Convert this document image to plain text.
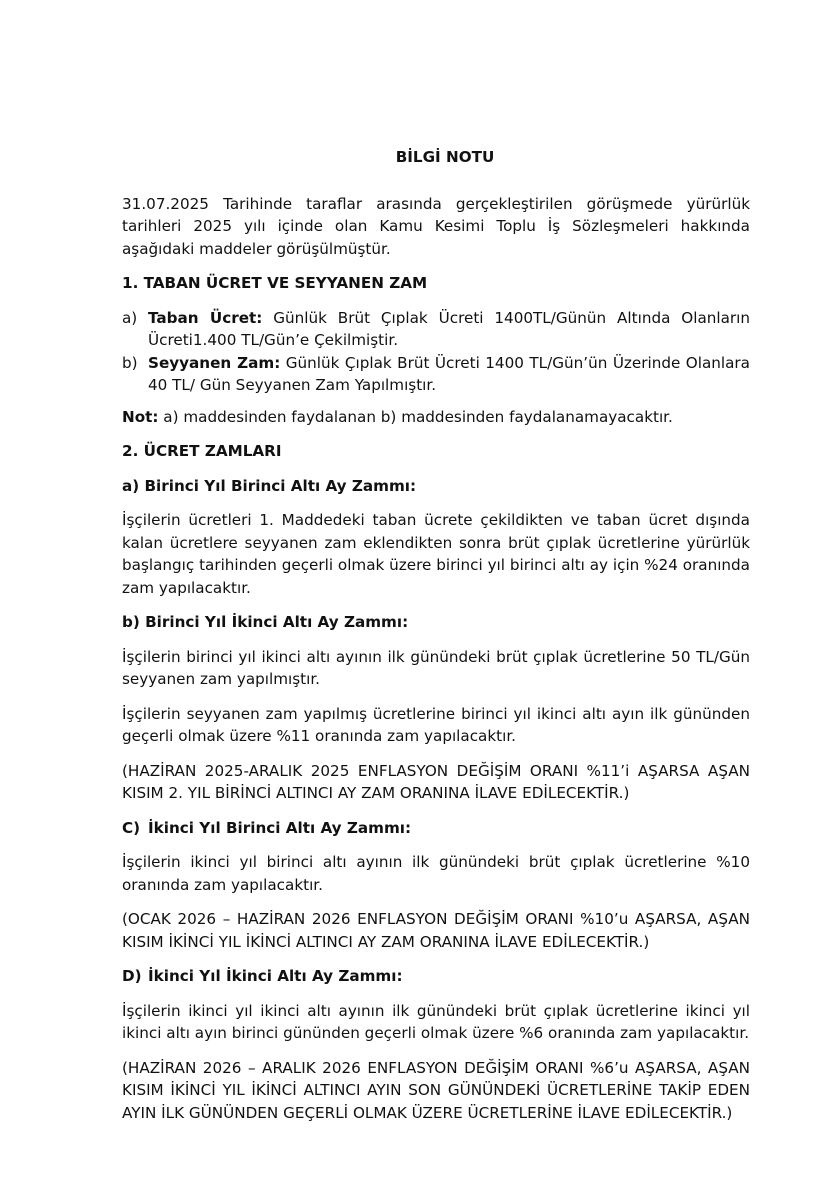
BİLGİ NOTU

31.07.2025 Tarihinde taraflar arasında gerçekleştirilen görüşmede yürürlük tarihleri 2025 yılı içinde olan Kamu Kesimi Toplu İş Sözleşmeleri hakkında aşağıdaki maddeler görüşülmüştür.

1. TABAN ÜCRET VE SEYYANEN ZAM
a) Taban Ücret: Günlük Brüt Çıplak Ücreti 1400TL/Günün Altında Olanların Ücreti1.400 TL/Gün’e Çekilmiştir.
b) Seyyanen Zam: Günlük Çıplak Brüt Ücreti 1400 TL/Gün’ün Üzerinde Olanlara 40 TL/ Gün Seyyanen Zam Yapılmıştır.

Not: a) maddesinden faydalanan b) maddesinden faydalanamayacaktır.

2. ÜCRET ZAMLARI
a) Birinci Yıl Birinci Altı Ay Zammı:

İşçilerin ücretleri 1. Maddedeki taban ücrete çekildikten ve taban ücret dışında kalan ücretlere seyyanen zam eklendikten sonra brüt çıplak ücretlerine yürürlük başlangıç tarihinden geçerli olmak üzere birinci yıl birinci altı ay için %24 oranında zam yapılacaktır.

b) Birinci Yıl İkinci Altı Ay Zammı:

İşçilerin birinci yıl ikinci altı ayının ilk günündeki brüt çıplak ücretlerine 50 TL/Gün seyyanen zam yapılmıştır.

İşçilerin seyyanen zam yapılmış ücretlerine birinci yıl ikinci altı ayın ilk gününden geçerli olmak üzere %11 oranında zam yapılacaktır.

(HAZİRAN 2025-ARALIK 2025 ENFLASYON DEĞİŞİM ORANI %11’i AŞARSA AŞAN KISIM 2. YIL BİRİNCİ ALTINCI AY ZAM ORANINA İLAVE EDİLECEKTİR.)

C) İkinci Yıl Birinci Altı Ay Zammı:

İşçilerin ikinci yıl birinci altı ayının ilk günündeki brüt çıplak ücretlerine %10 oranında zam yapılacaktır.

(OCAK 2026 – HAZİRAN 2026 ENFLASYON DEĞİŞİM ORANI %10’u AŞARSA, AŞAN KISIM İKİNCİ YIL İKİNCİ ALTINCI AY ZAM ORANINA İLAVE EDİLECEKTİR.)

D) İkinci Yıl İkinci Altı Ay Zammı:

İşçilerin ikinci yıl ikinci altı ayının ilk günündeki brüt çıplak ücretlerine ikinci yıl ikinci altı ayın birinci gününden geçerli olmak üzere %6 oranında zam yapılacaktır.

(HAZİRAN 2026 – ARALIK 2026 ENFLASYON DEĞİŞİM ORANI %6’u AŞARSA, AŞAN KISIM İKİNCİ YIL İKİNCİ ALTINCI AYIN SON GÜNÜNDEKİ ÜCRETLERİNE TAKİP EDEN AYIN İLK GÜNÜNDEN GEÇERLİ OLMAK ÜZERE ÜCRETLERİNE İLAVE EDİLECEKTİR.)
